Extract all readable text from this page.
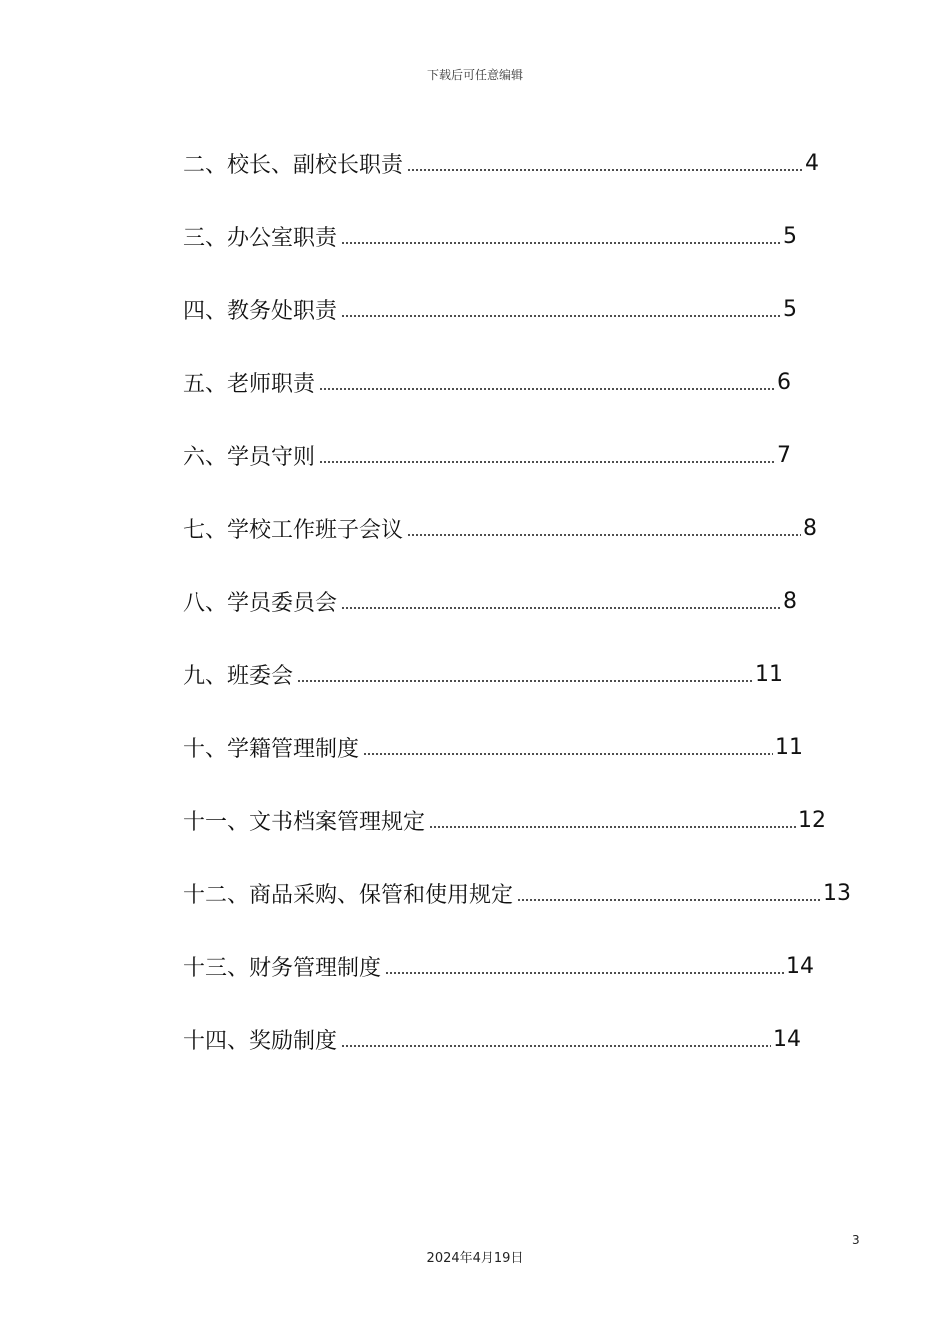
下载后可任意编辑
二、校长、副校长职责	4
三、办公室职责	5
四、教务处职责	5
五、老师职责	6
六、学员守则	7
七、学校工作班子会议	8
八、学员委员会	8
九、班委会	11
十、学籍管理制度	11
十一、文书档案管理规定	12
十二、商品采购、保管和使用规定	13
十三、财务管理制度	14
十四、奖励制度	14
3
2024年4月19日
